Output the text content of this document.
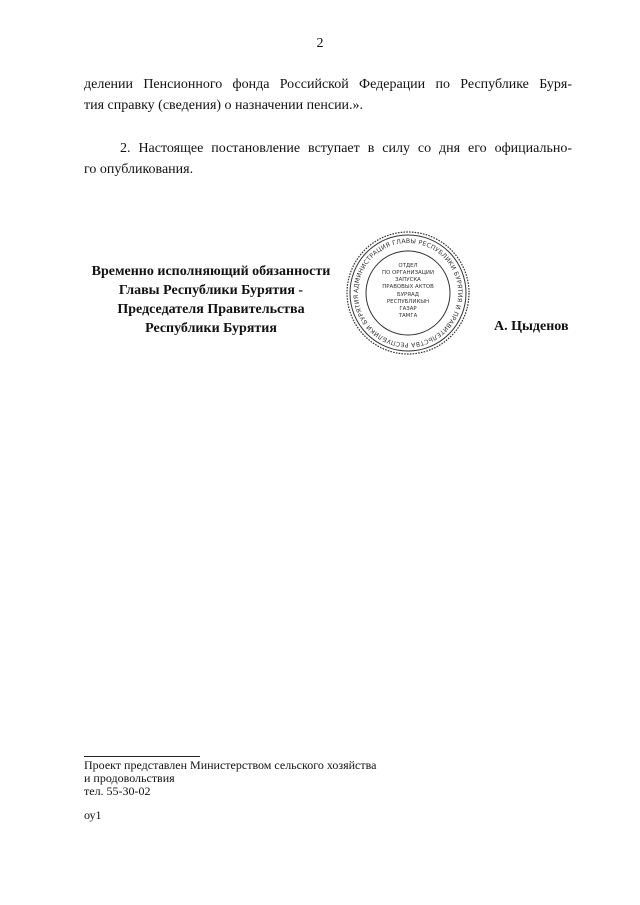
2
делении Пенсионного фонда Российской Федерации по Республике Буря-
тия справку (сведения) о назначении пенсии.».
2. Настоящее постановление вступает в силу со дня его официально-
го опубликования.
Временно исполняющий обязанности
Главы Республики Бурятия -
Председателя Правительства
Республики Бурятия
АДМИНИСТРАЦИЯ ГЛАВЫ РЕСПУБЛИКИ БУРЯТИЯ И ПРАВИТЕЛЬСТВА РЕСПУБЛИКИ БУРЯТИЯ
ОТДЕЛ
ПО ОРГАНИЗАЦИИ
ЗАПУСКА
ПРАВОВЫХ АКТОВ
БУРЯАД
РЕСПУБЛИКЫН
ГАЗАР
ТАМГА
А. Цыденов
Проект представлен Министерством сельского хозяйства
и продовольствия
тел. 55-30-02
оу1
